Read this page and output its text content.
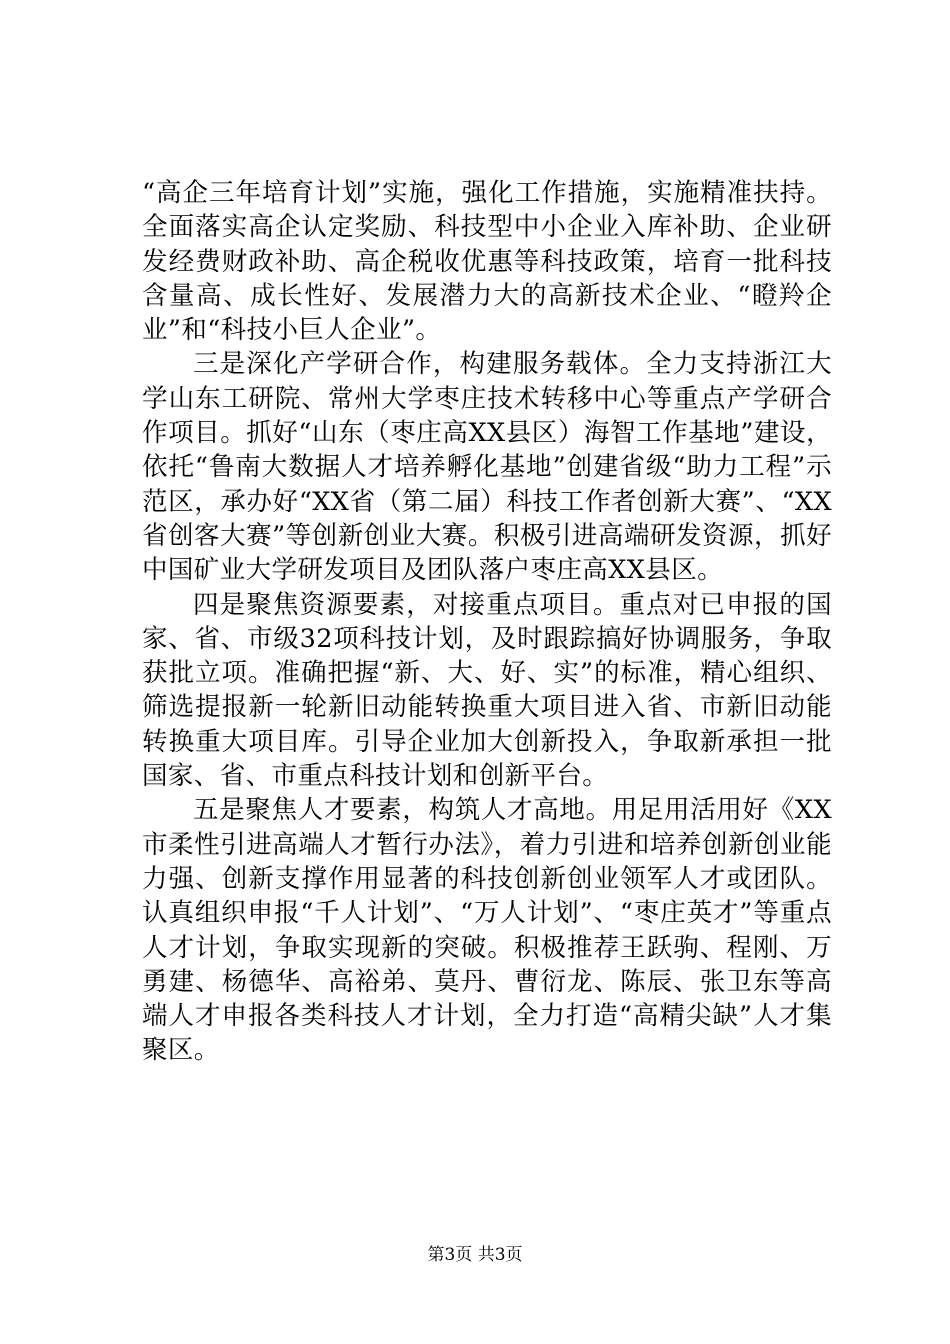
“高企三年培育计划”实施，强化工作措施，实施精准扶持。全面落实高企认定奖励、科技型中小企业入库补助、企业研发经费财政补助、高企税收优惠等科技政策，培育一批科技含量高、成长性好、发展潜力大的高新技术企业、“瞪羚企业”和“科技小巨人企业”。

三是深化产学研合作，构建服务载体。全力支持浙江大学山东工研院、常州大学枣庄技术转移中心等重点产学研合作项目。抓好“山东（枣庄高XX县区）海智工作基地”建设，依托“鲁南大数据人才培养孵化基地”创建省级“助力工程”示范区，承办好“XX省（第二届）科技工作者创新大赛”、“XX省创客大赛”等创新创业大赛。积极引进高端研发资源，抓好中国矿业大学研发项目及团队落户枣庄高XX县区。

四是聚焦资源要素，对接重点项目。重点对已申报的国家、省、市级32项科技计划，及时跟踪搞好协调服务，争取获批立项。准确把握“新、大、好、实”的标准，精心组织、筛选提报新一轮新旧动能转换重大项目进入省、市新旧动能转换重大项目库。引导企业加大创新投入，争取新承担一批国家、省、市重点科技计划和创新平台。

五是聚焦人才要素，构筑人才高地。用足用活用好《XX市柔性引进高端人才暂行办法》，着力引进和培养创新创业能力强、创新支撑作用显著的科技创新创业领军人才或团队。认真组织申报“千人计划”、“万人计划”、“枣庄英才”等重点人才计划，争取实现新的突破。积极推荐王跃驹、程刚、万勇建、杨德华、高裕弟、莫丹、曹衍龙、陈辰、张卫东等高端人才申报各类科技人才计划，全力打造“高精尖缺”人才集聚区。

第3页 共3页
